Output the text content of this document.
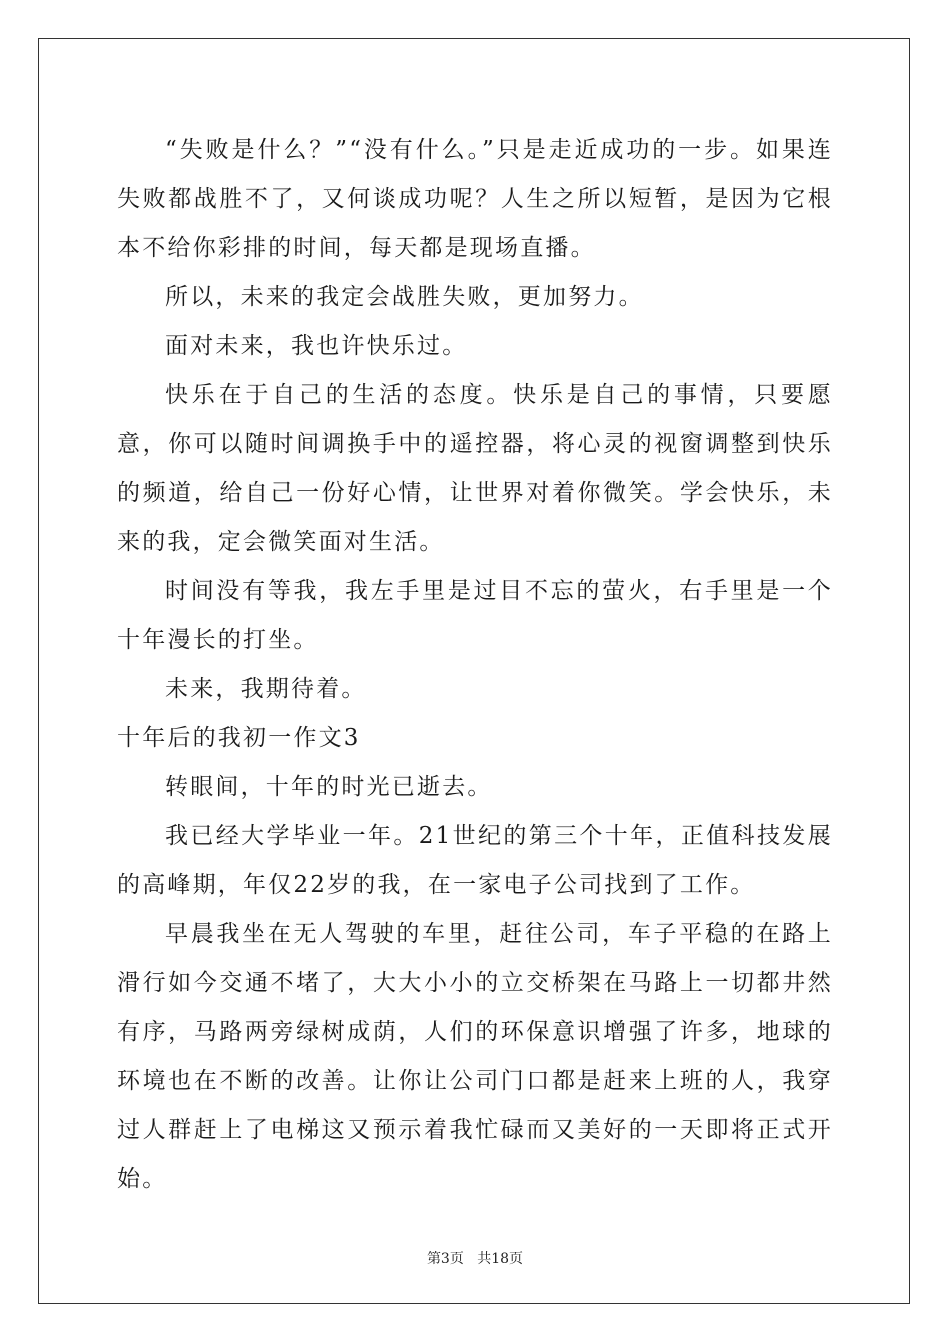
“失败是什么？”“没有什么。”只是走近成功的一步。如果连失败都战胜不了，又何谈成功呢？人生之所以短暂，是因为它根本不给你彩排的时间，每天都是现场直播。

所以，未来的我定会战胜失败，更加努力。

面对未来，我也许快乐过。

快乐在于自己的生活的态度。快乐是自己的事情，只要愿意，你可以随时间调换手中的遥控器，将心灵的视窗调整到快乐的频道，给自己一份好心情，让世界对着你微笑。学会快乐，未来的我，定会微笑面对生活。

时间没有等我，我左手里是过目不忘的萤火，右手里是一个十年漫长的打坐。

未来，我期待着。

十年后的我初一作文3

转眼间，十年的时光已逝去。

我已经大学毕业一年。21世纪的第三个十年，正值科技发展的高峰期，年仅22岁的我，在一家电子公司找到了工作。

早晨我坐在无人驾驶的车里，赶往公司，车子平稳的在路上滑行如今交通不堵了，大大小小的立交桥架在马路上一切都井然有序，马路两旁绿树成荫，人们的环保意识增强了许多，地球的环境也在不断的改善。让你让公司门口都是赶来上班的人，我穿过人群赶上了电梯这又预示着我忙碌而又美好的一天即将正式开始。

第3页 共18页
